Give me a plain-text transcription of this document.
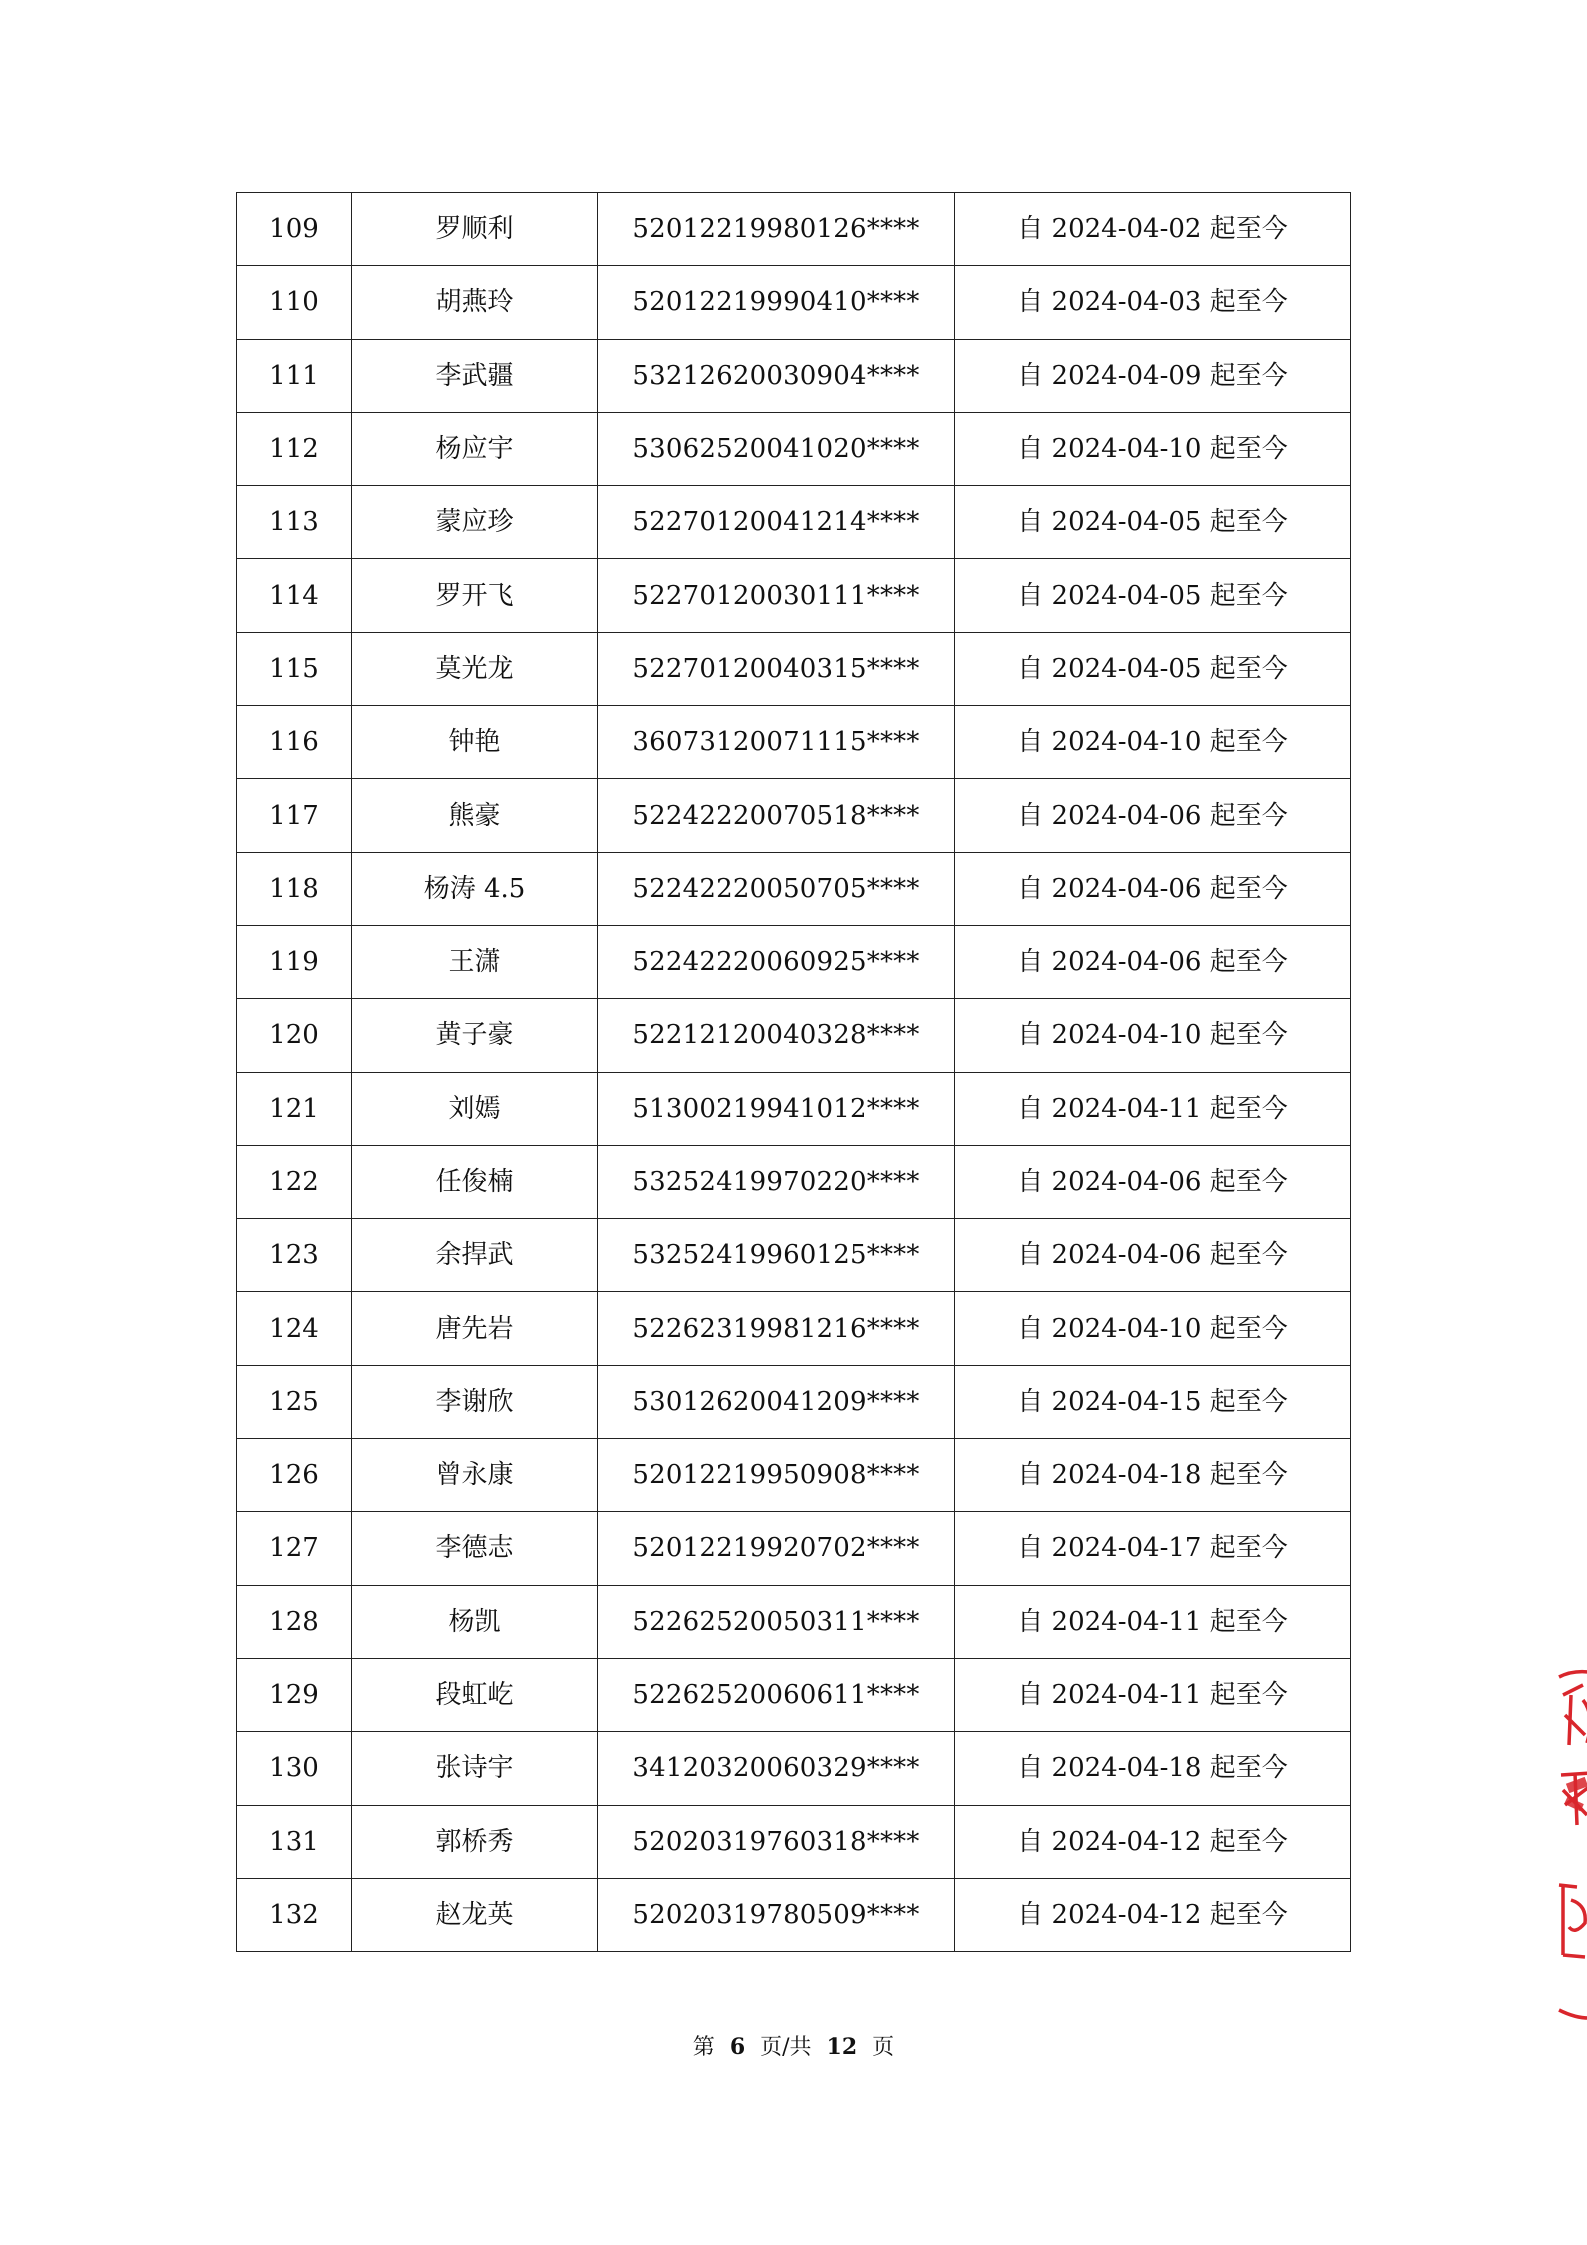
109	罗顺利	52012219980126****	自 2024-04-02 起至今
110	胡燕玲	52012219990410****	自 2024-04-03 起至今
111	李武疆	53212620030904****	自 2024-04-09 起至今
112	杨应宇	53062520041020****	自 2024-04-10 起至今
113	蒙应珍	52270120041214****	自 2024-04-05 起至今
114	罗开飞	52270120030111****	自 2024-04-05 起至今
115	莫光龙	52270120040315****	自 2024-04-05 起至今
116	钟艳	36073120071115****	自 2024-04-10 起至今
117	熊豪	52242220070518****	自 2024-04-06 起至今
118	杨涛 4.5	52242220050705****	自 2024-04-06 起至今
119	王潇	52242220060925****	自 2024-04-06 起至今
120	黄子豪	52212120040328****	自 2024-04-10 起至今
121	刘嫣	51300219941012****	自 2024-04-11 起至今
122	任俊楠	53252419970220****	自 2024-04-06 起至今
123	余捍武	53252419960125****	自 2024-04-06 起至今
124	唐先岩	52262319981216****	自 2024-04-10 起至今
125	李谢欣	53012620041209****	自 2024-04-15 起至今
126	曾永康	52012219950908****	自 2024-04-18 起至今
127	李德志	52012219920702****	自 2024-04-17 起至今
128	杨凯	52262520050311****	自 2024-04-11 起至今
129	段虹屹	52262520060611****	自 2024-04-11 起至今
130	张诗宇	34120320060329****	自 2024-04-18 起至今
131	郭桥秀	52020319760318****	自 2024-04-12 起至今
132	赵龙英	52020319780509****	自 2024-04-12 起至今
第 6 页/共 12 页
